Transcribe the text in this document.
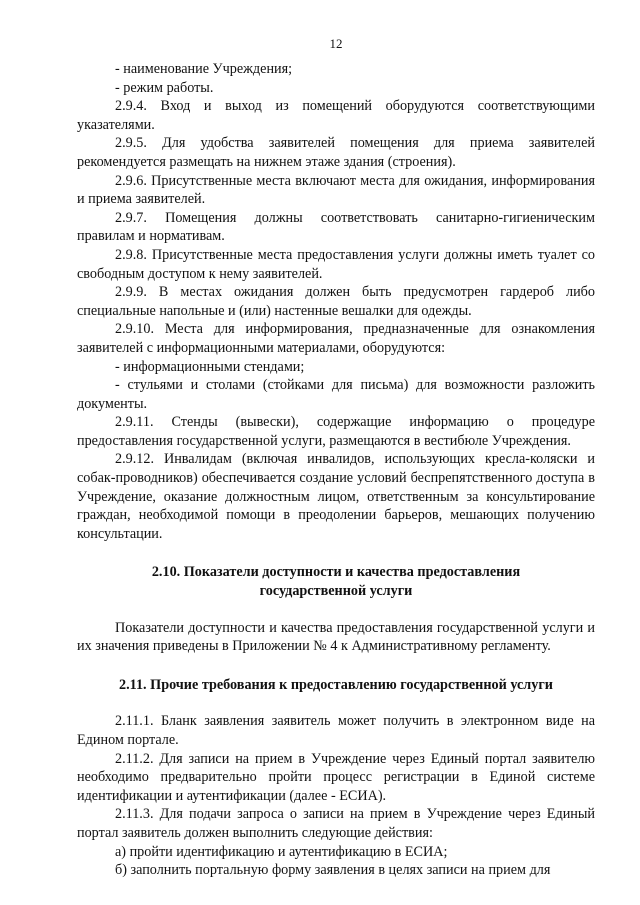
12

- наименование Учреждения;

- режим работы.

2.9.4. Вход и выход из помещений оборудуются соответствующими указателями.

2.9.5. Для удобства заявителей помещения для приема заявителей рекомендуется размещать на нижнем этаже здания (строения).

2.9.6. Присутственные места включают места для ожидания, информирования и приема заявителей.

2.9.7. Помещения должны соответствовать санитарно-гигиеническим правилам и нормативам.

2.9.8. Присутственные места предоставления услуги должны иметь туалет со свободным доступом к нему заявителей.

2.9.9. В местах ожидания должен быть предусмотрен гардероб либо специальные напольные и (или) настенные вешалки для одежды.

2.9.10. Места для информирования, предназначенные для ознакомления заявителей с информационными материалами, оборудуются:

- информационными стендами;

- стульями и столами (стойками для письма) для возможности разложить документы.

2.9.11. Стенды (вывески), содержащие информацию о процедуре предоставления государственной услуги, размещаются в вестибюле Учреждения.

2.9.12. Инвалидам (включая инвалидов, использующих кресла-коляски и собак-проводников) обеспечивается создание условий беспрепятственного доступа в Учреждение, оказание должностным лицом, ответственным за консультирование граждан, необходимой помощи в преодолении барьеров, мешающих получению консультации.

2.10. Показатели доступности и качества предоставления

государственной услуги

Показатели доступности и качества предоставления государственной услуги и их значения приведены в Приложении № 4 к Административному регламенту.

2.11. Прочие требования к предоставлению государственной услуги

2.11.1. Бланк заявления заявитель может получить в электронном виде на Едином портале.

2.11.2. Для записи на прием в Учреждение через Единый портал заявителю необходимо предварительно пройти процесс регистрации в Единой системе идентификации и аутентификации (далее - ЕСИА).

2.11.3. Для подачи запроса о записи на прием в Учреждение через Единый портал заявитель должен выполнить следующие действия:

а) пройти идентификацию и аутентификацию в ЕСИА;

б) заполнить портальную форму заявления в целях записи на прием для
